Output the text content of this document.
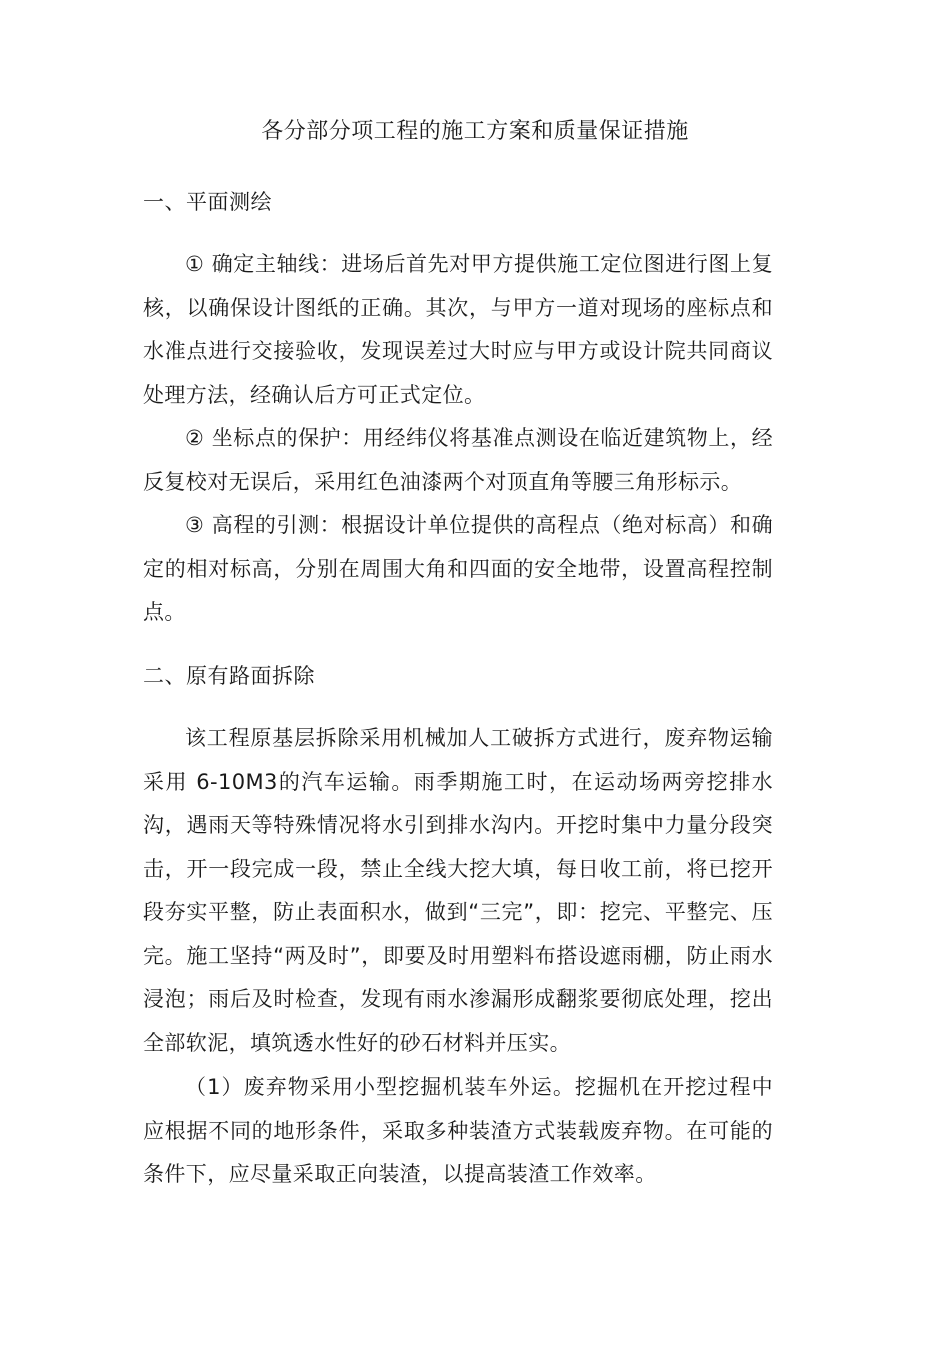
各分部分项工程的施工方案和质量保证措施
一、平面测绘
① 确定主轴线：进场后首先对甲方提供施工定位图进行图上复核，以确保设计图纸的正确。其次，与甲方一道对现场的座标点和水准点进行交接验收，发现误差过大时应与甲方或设计院共同商议处理方法，经确认后方可正式定位。
② 坐标点的保护：用经纬仪将基准点测设在临近建筑物上，经反复校对无误后，采用红色油漆两个对顶直角等腰三角形标示。
③ 高程的引测：根据设计单位提供的高程点（绝对标高）和确定的相对标高，分别在周围大角和四面的安全地带，设置高程控制点。
二、原有路面拆除
该工程原基层拆除采用机械加人工破拆方式进行，废弃物运输采用 6-10M3的汽车运输。雨季期施工时，在运动场两旁挖排水沟，遇雨天等特殊情况将水引到排水沟内。开挖时集中力量分段突击，开一段完成一段，禁止全线大挖大填，每日收工前，将已挖开段夯实平整，防止表面积水，做到“三完”，即：挖完、平整完、压完。施工坚持“两及时”，即要及时用塑料布搭设遮雨棚，防止雨水浸泡；雨后及时检查，发现有雨水渗漏形成翻浆要彻底处理，挖出全部软泥，填筑透水性好的砂石材料并压实。
（1）废弃物采用小型挖掘机装车外运。挖掘机在开挖过程中应根据不同的地形条件，采取多种装渣方式装载废弃物。在可能的条件下，应尽量采取正向装渣，以提高装渣工作效率。
